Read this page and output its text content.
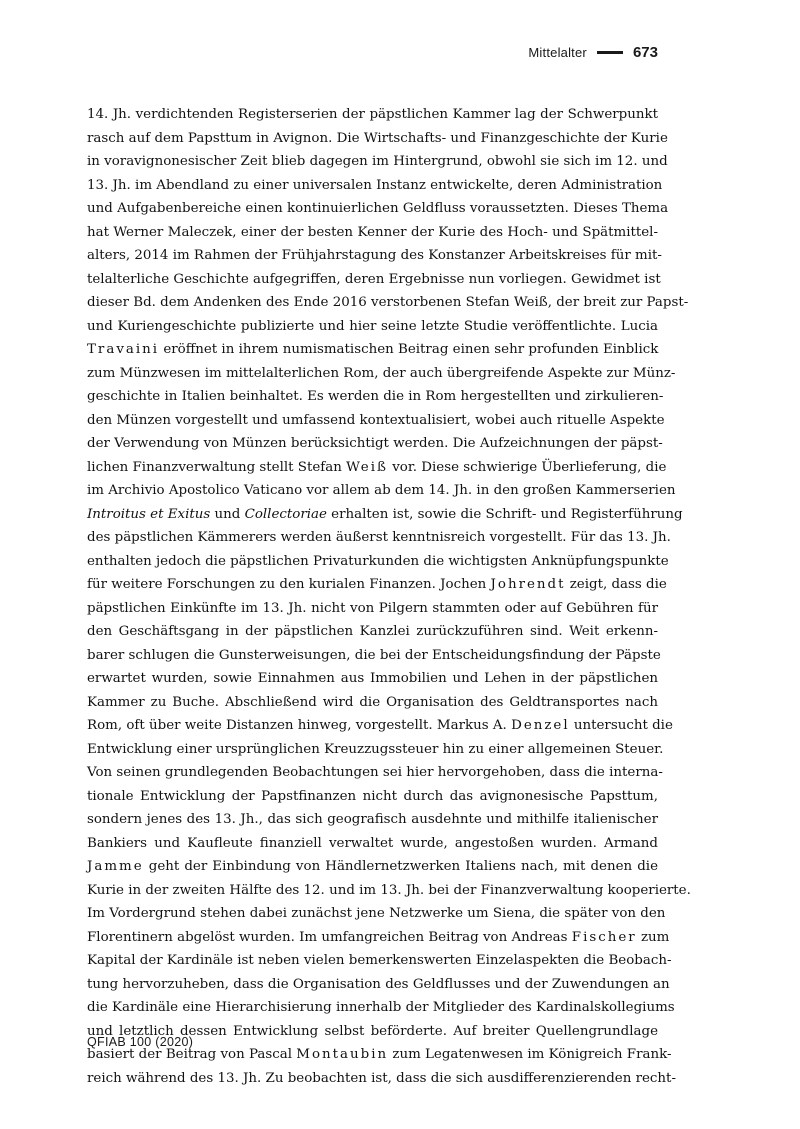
Mittelalter	673
14. Jh. verdichtenden Registerserien der päpstlichen Kammer lag der Schwerpunkt
rasch auf dem Papsttum in Avignon. Die Wirtschafts- und Finanzgeschichte der Kurie
in voravignonesischer Zeit blieb dagegen im Hintergrund, obwohl sie sich im 12. und
13. Jh. im Abendland zu einer universalen Instanz entwickelte, deren Administration
und Aufgabenbereiche einen kontinuierlichen Geldfluss voraussetzten. Dieses Thema
hat Werner Maleczek, einer der besten Kenner der Kurie des Hoch- und Spätmittel-
alters, 2014 im Rahmen der Frühjahrstagung des Konstanzer Arbeitskreises für mit-
telalterliche Geschichte aufgegriffen, deren Ergebnisse nun vorliegen. Gewidmet ist
dieser Bd. dem Andenken des Ende 2016 verstorbenen Stefan Weiß, der breit zur Papst-
und Kuriengeschichte publizierte und hier seine letzte Studie veröffentlichte. Lucia
Travaini eröffnet in ihrem numismatischen Beitrag einen sehr profunden Einblick
zum Münzwesen im mittelalterlichen Rom, der auch übergreifende Aspekte zur Münz-
geschichte in Italien beinhaltet. Es werden die in Rom hergestellten und zirkulieren-
den Münzen vorgestellt und umfassend kontextualisiert, wobei auch rituelle Aspekte
der Verwendung von Münzen berücksichtigt werden. Die Aufzeichnungen der päpst-
lichen Finanzverwaltung stellt Stefan Weiß vor. Diese schwierige Überlieferung, die
im Archivio Apostolico Vaticano vor allem ab dem 14. Jh. in den großen Kammerserien
Introitus et Exitus und Collectoriae erhalten ist, sowie die Schrift- und Registerführung
des päpstlichen Kämmerers werden äußerst kenntnisreich vorgestellt. Für das 13. Jh.
enthalten jedoch die päpstlichen Privaturkunden die wichtigsten Anknüpfungspunkte
für weitere Forschungen zu den kurialen Finanzen. Jochen Johrendt zeigt, dass die
päpstlichen Einkünfte im 13. Jh. nicht von Pilgern stammten oder auf Gebühren für
den Geschäftsgang in der päpstlichen Kanzlei zurückzuführen sind. Weit erkenn-
barer schlugen die Gunsterweisungen, die bei der Entscheidungsfindung der Päpste
erwartet wurden, sowie Einnahmen aus Immobilien und Lehen in der päpstlichen
Kammer zu Buche. Abschließend wird die Organisation des Geldtransportes nach
Rom, oft über weite Distanzen hinweg, vorgestellt. Markus A. Denzel untersucht die
Entwicklung einer ursprünglichen Kreuzzugssteuer hin zu einer allgemeinen Steuer.
Von seinen grundlegenden Beobachtungen sei hier hervorgehoben, dass die interna-
tionale Entwicklung der Papstfinanzen nicht durch das avignonesische Papsttum,
sondern jenes des 13. Jh., das sich geografisch ausdehnte und mithilfe italienischer
Bankiers und Kaufleute finanziell verwaltet wurde, angestoßen wurden. Armand
Jamme geht der Einbindung von Händlernetzwerken Italiens nach, mit denen die
Kurie in der zweiten Hälfte des 12. und im 13. Jh. bei der Finanzverwaltung kooperierte.
Im Vordergrund stehen dabei zunächst jene Netzwerke um Siena, die später von den
Florentinern abgelöst wurden. Im umfangreichen Beitrag von Andreas Fischer zum
Kapital der Kardinäle ist neben vielen bemerkenswerten Einzelaspekten die Beobach-
tung hervorzuheben, dass die Organisation des Geldflusses und der Zuwendungen an
die Kardinäle eine Hierarchisierung innerhalb der Mitglieder des Kardinalskollegiums
und letztlich dessen Entwicklung selbst beförderte. Auf breiter Quellengrundlage
basiert der Beitrag von Pascal Montaubin zum Legatenwesen im Königreich Frank-
reich während des 13. Jh. Zu beobachten ist, dass die sich ausdifferenzierenden recht-
QFIAB 100 (2020)
